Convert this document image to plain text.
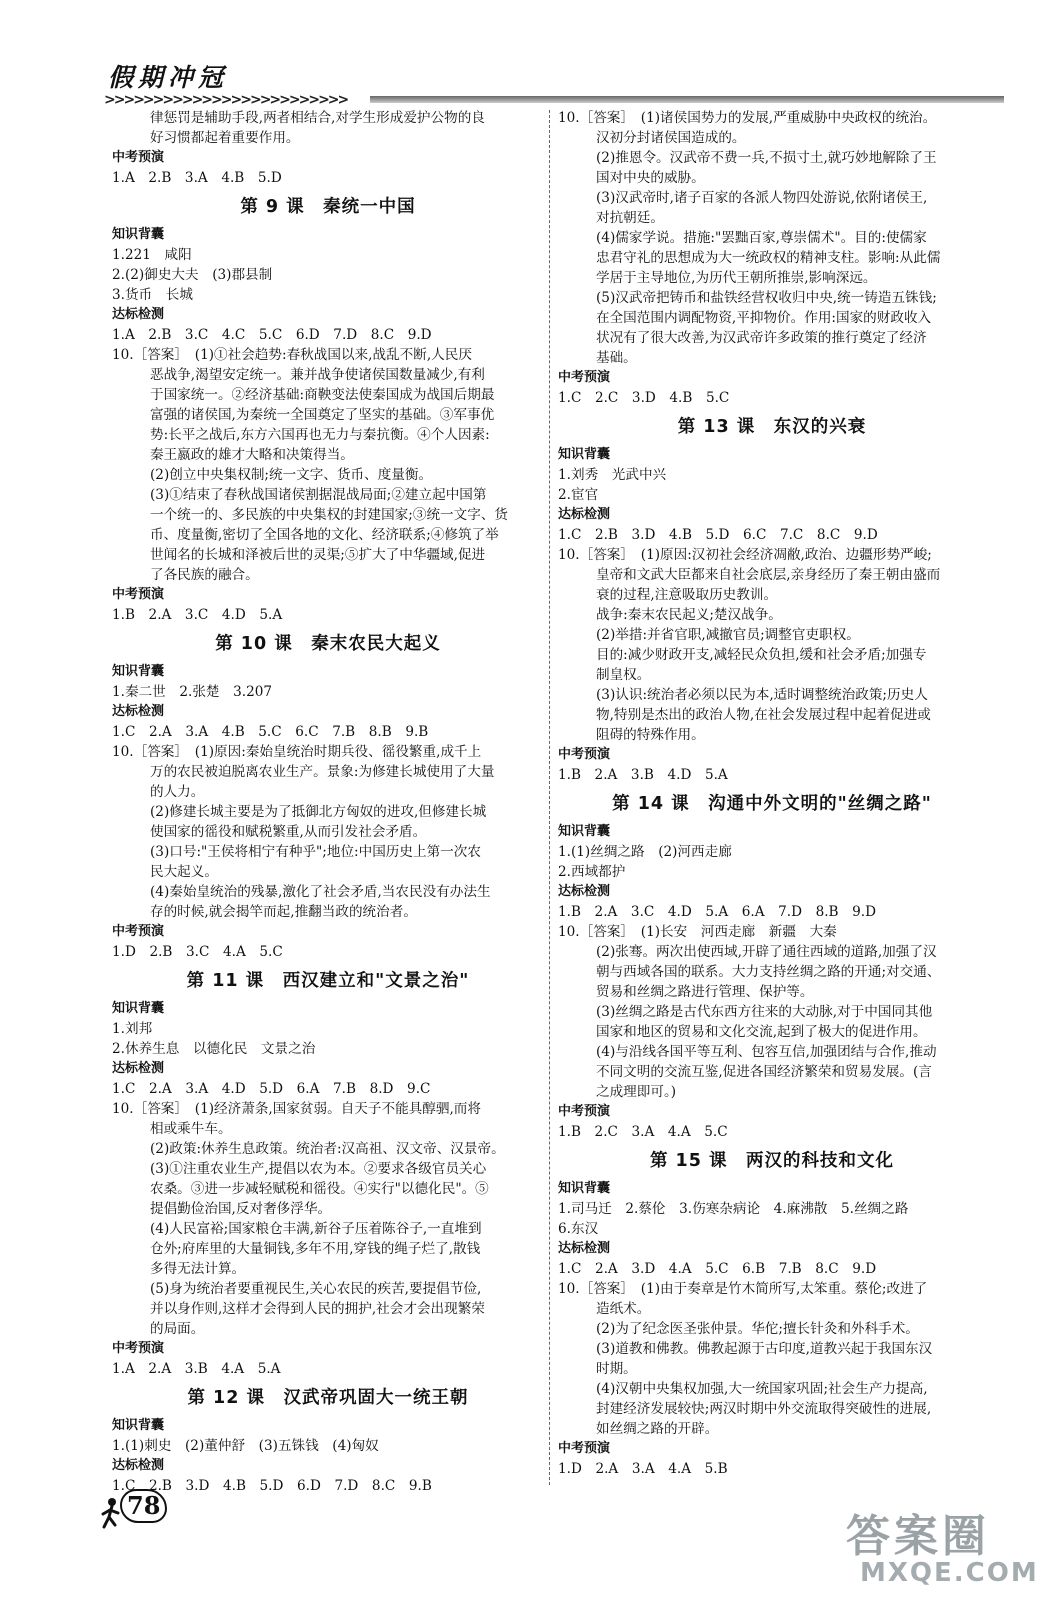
假期冲冠
>>>>>>>>>>>>>>>>>>>>>>>>>
律惩罚是辅助手段,两者相结合,对学生形成爱护公物的良
好习惯都起着重要作用。
中考预演
1.A　2.B　3.A　4.B　5.D
第 9 课　秦统一中国
知识背囊
1.221　咸阳
2.(2)御史大夫　(3)郡县制
3.货币　长城
达标检测
1.A　2.B　3.C　4.C　5.C　6.D　7.D　8.C　9.D
10.［答案］　(1)①社会趋势:春秋战国以来,战乱不断,人民厌
恶战争,渴望安定统一。兼并战争使诸侯国数量减少,有利
于国家统一。②经济基础:商鞅变法使秦国成为战国后期最
富强的诸侯国,为秦统一全国奠定了坚实的基础。③军事优
势:长平之战后,东方六国再也无力与秦抗衡。④个人因素:
秦王嬴政的雄才大略和决策得当。
(2)创立中央集权制;统一文字、货币、度量衡。
(3)①结束了春秋战国诸侯割据混战局面;②建立起中国第
一个统一的、多民族的中央集权的封建国家;③统一文字、货
币、度量衡,密切了全国各地的文化、经济联系;④修筑了举
世闻名的长城和泽被后世的灵渠;⑤扩大了中华疆域,促进
了各民族的融合。
中考预演
1.B　2.A　3.C　4.D　5.A
第 10 课　秦末农民大起义
知识背囊
1.秦二世　2.张楚　3.207
达标检测
1.C　2.A　3.A　4.B　5.C　6.C　7.B　8.B　9.B
10.［答案］　(1)原因:秦始皇统治时期兵役、徭役繁重,成千上
万的农民被迫脱离农业生产。景象:为修建长城使用了大量
的人力。
(2)修建长城主要是为了抵御北方匈奴的进攻,但修建长城
使国家的徭役和赋税繁重,从而引发社会矛盾。
(3)口号:"王侯将相宁有种乎";地位:中国历史上第一次农
民大起义。
(4)秦始皇统治的残暴,激化了社会矛盾,当农民没有办法生
存的时候,就会揭竿而起,推翻当政的统治者。
中考预演
1.D　2.B　3.C　4.A　5.C
第 11 课　西汉建立和"文景之治"
知识背囊
1.刘邦
2.休养生息　以德化民　文景之治
达标检测
1.C　2.A　3.A　4.D　5.D　6.A　7.B　8.D　9.C
10.［答案］　(1)经济萧条,国家贫弱。自天子不能具醇驷,而将
相或乘牛车。
(2)政策:休养生息政策。统治者:汉高祖、汉文帝、汉景帝。
(3)①注重农业生产,提倡以农为本。②要求各级官员关心
农桑。③进一步减轻赋税和徭役。④实行"以德化民"。⑤
提倡勤俭治国,反对奢侈浮华。
(4)人民富裕;国家粮仓丰满,新谷子压着陈谷子,一直堆到
仓外;府库里的大量铜钱,多年不用,穿钱的绳子烂了,散钱
多得无法计算。
(5)身为统治者要重视民生,关心农民的疾苦,要提倡节俭,
并以身作则,这样才会得到人民的拥护,社会才会出现繁荣
的局面。
中考预演
1.A　2.A　3.B　4.A　5.A
第 12 课　汉武帝巩固大一统王朝
知识背囊
1.(1)刺史　(2)董仲舒　(3)五铢钱　(4)匈奴
达标检测
1.C　2.B　3.D　4.B　5.D　6.D　7.D　8.C　9.B
10.［答案］　(1)诸侯国势力的发展,严重威胁中央政权的统治。
汉初分封诸侯国造成的。
(2)推恩令。汉武帝不费一兵,不损寸土,就巧妙地解除了王
国对中央的威胁。
(3)汉武帝时,诸子百家的各派人物四处游说,依附诸侯王,
对抗朝廷。
(4)儒家学说。措施:"罢黜百家,尊崇儒术"。目的:使儒家
忠君守礼的思想成为大一统政权的精神支柱。影响:从此儒
学居于主导地位,为历代王朝所推崇,影响深远。
(5)汉武帝把铸币和盐铁经营权收归中央,统一铸造五铢钱;
在全国范围内调配物资,平抑物价。作用:国家的财政收入
状况有了很大改善,为汉武帝许多政策的推行奠定了经济
基础。
中考预演
1.C　2.C　3.D　4.B　5.C
第 13 课　东汉的兴衰
知识背囊
1.刘秀　光武中兴
2.宦官
达标检测
1.C　2.B　3.D　4.B　5.D　6.C　7.C　8.C　9.D
10.［答案］　(1)原因:汉初社会经济凋敝,政治、边疆形势严峻;
皇帝和文武大臣都来自社会底层,亲身经历了秦王朝由盛而
衰的过程,注意吸取历史教训。
战争:秦末农民起义;楚汉战争。
(2)举措:并省官职,减撤官员;调整官吏职权。
目的:减少财政开支,减轻民众负担,缓和社会矛盾;加强专
制皇权。
(3)认识:统治者必须以民为本,适时调整统治政策;历史人
物,特别是杰出的政治人物,在社会发展过程中起着促进或
阻碍的特殊作用。
中考预演
1.B　2.A　3.B　4.D　5.A
第 14 课　沟通中外文明的"丝绸之路"
知识背囊
1.(1)丝绸之路　(2)河西走廊
2.西域都护
达标检测
1.B　2.A　3.C　4.D　5.A　6.A　7.D　8.B　9.D
10.［答案］　(1)长安　河西走廊　新疆　大秦
(2)张骞。两次出使西域,开辟了通往西域的道路,加强了汉
朝与西域各国的联系。大力支持丝绸之路的开通;对交通、
贸易和丝绸之路进行管理、保护等。
(3)丝绸之路是古代东西方往来的大动脉,对于中国同其他
国家和地区的贸易和文化交流,起到了极大的促进作用。
(4)与沿线各国平等互利、包容互信,加强团结与合作,推动
不同文明的交流互鉴,促进各国经济繁荣和贸易发展。(言
之成理即可。)
中考预演
1.B　2.C　3.A　4.A　5.C
第 15 课　两汉的科技和文化
知识背囊
1.司马迁　2.蔡伦　3.伤寒杂病论　4.麻沸散　5.丝绸之路
6.东汉
达标检测
1.C　2.A　3.D　4.A　5.C　6.B　7.B　8.C　9.D
10.［答案］　(1)由于奏章是竹木简所写,太笨重。蔡伦;改进了
造纸术。
(2)为了纪念医圣张仲景。华佗;擅长针灸和外科手术。
(3)道教和佛教。佛教起源于古印度,道教兴起于我国东汉
时期。
(4)汉朝中央集权加强,大一统国家巩固;社会生产力提高,
封建经济发展较快;两汉时期中外交流取得突破性的进展,
如丝绸之路的开辟。
中考预演
1.D　2.A　3.A　4.A　5.B
78
答案圈
MXQE.COM
